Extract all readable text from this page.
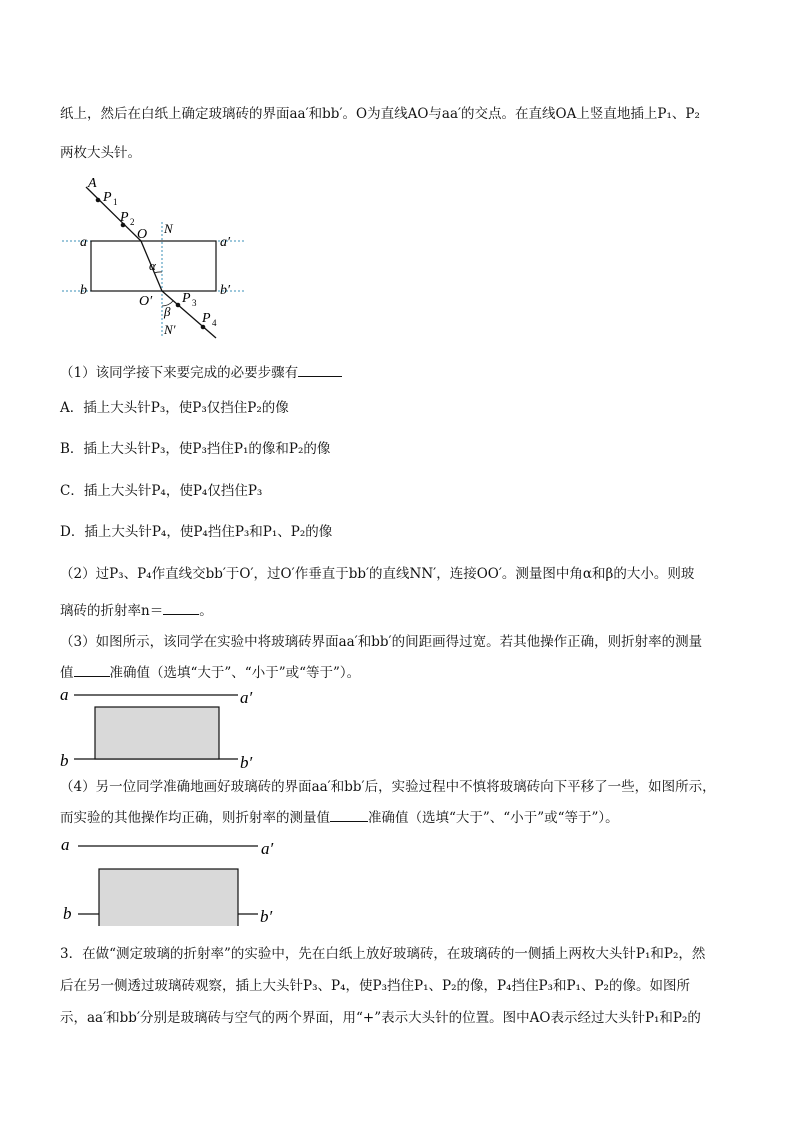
纸上，然后在白纸上确定玻璃砖的界面aa′和bb′。O为直线AO与aa′的交点。在直线OA上竖直地插上P₁、P₂
两枚大头针。
A
P 1
P 2
O N
a	a′
b	b′
α
O′
β
P 3
N′
P 4
（1）该同学接下来要完成的必要步骤有
A．插上大头针P₃，使P₃仅挡住P₂的像
B．插上大头针P₃，使P₃挡住P₁的像和P₂的像
C．插上大头针P₄，使P₄仅挡住P₃
D．插上大头针P₄，使P₄挡住P₃和P₁、P₂的像
（2）过P₃、P₄作直线交bb′于O′，过O′作垂直于bb′的直线NN′，连接OO′。测量图中角α和β的大小。则玻
璃砖的折射率n＝	。
（3）如图所示，该同学在实验中将玻璃砖界面aa′和bb′的间距画得过宽。若其他操作正确，则折射率的测量
值	准确值（选填“大于”、“小于”或“等于”）。
a	a′
b	b′
（4）另一位同学准确地画好玻璃砖的界面aa′和bb′后，实验过程中不慎将玻璃砖向下平移了一些，如图所示，
而实验的其他操作均正确，则折射率的测量值	准确值（选填“大于”、“小于”或“等于”）。
a	a′
b	b′
3．在做“测定玻璃的折射率”的实验中，先在白纸上放好玻璃砖，在玻璃砖的一侧插上两枚大头针P₁和P₂，然
后在另一侧透过玻璃砖观察，插上大头针P₃、P₄，使P₃挡住P₁、P₂的像，P₄挡住P₃和P₁、P₂的像。如图所
示，aa′和bb′分别是玻璃砖与空气的两个界面，用“+”表示大头针的位置。图中AO表示经过大头针P₁和P₂的
